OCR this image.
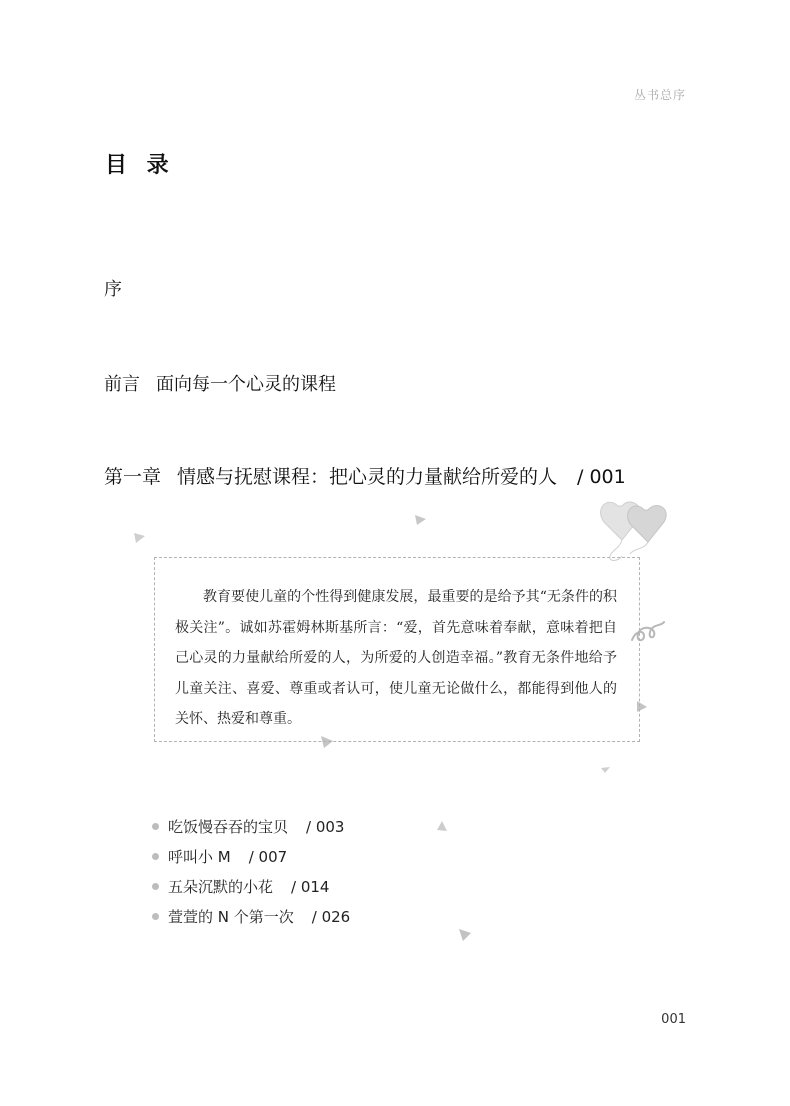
丛书总序
目 录
序
前言 面向每一个心灵的课程
第一章 情感与抚慰课程：把心灵的力量献给所爱的人 / 001

教育要使儿童的个性得到健康发展，最重要的是给予其“无条件的积极关注”。诚如苏霍姆林斯基所言：“爱，首先意味着奉献，意味着把自己心灵的力量献给所爱的人，为所爱的人创造幸福。”教育无条件地给予儿童关注、喜爱、尊重或者认可，使儿童无论做什么，都能得到他人的关怀、热爱和尊重。

吃饭慢吞吞的宝贝 / 003
呼叫小 M / 007
五朵沉默的小花 / 014
萱萱的 N 个第一次 / 026
001
